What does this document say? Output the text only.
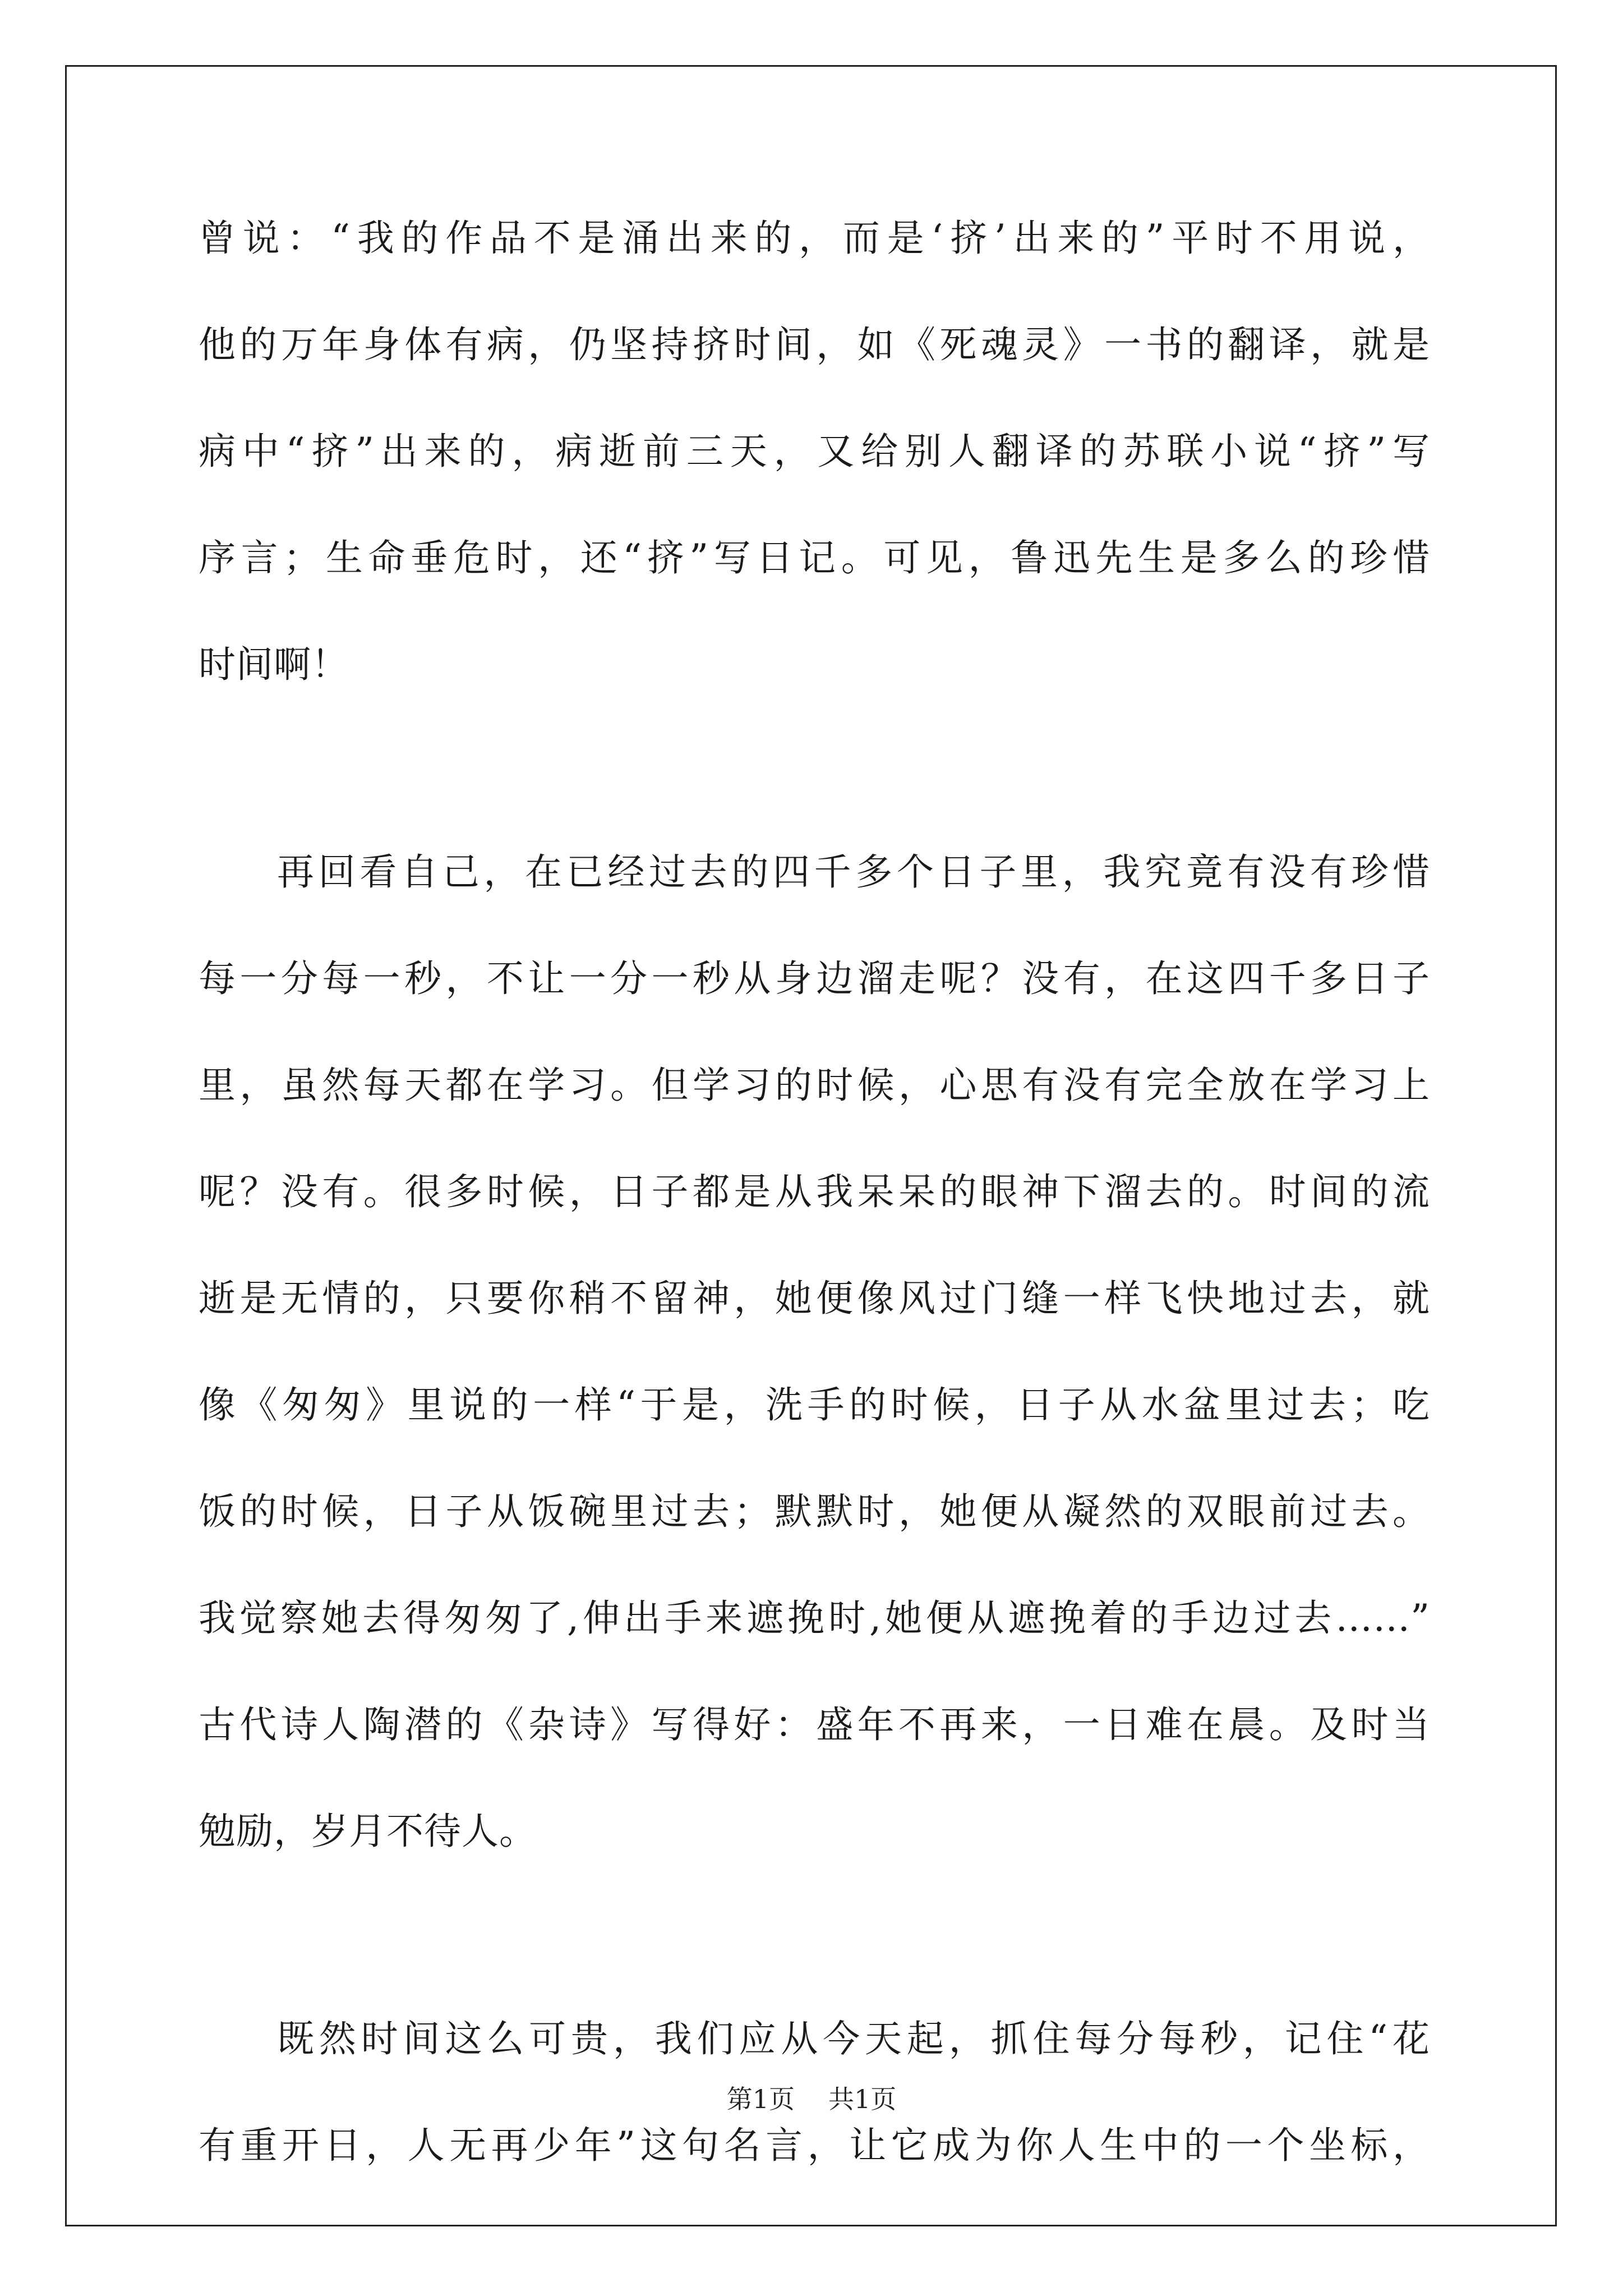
曾说：“我的作品不是涌出来的，而是‘挤’出来的”平时不用说，
他的万年身体有病，仍坚持挤时间，如《死魂灵》一书的翻译，就是
病中“挤”出来的，病逝前三天，又给别人翻译的苏联小说“挤”写
序言；生命垂危时，还“挤”写日记。可见，鲁迅先生是多么的珍惜
时间啊！
再回看自己，在已经过去的四千多个日子里，我究竟有没有珍惜
每一分每一秒，不让一分一秒从身边溜走呢？没有，在这四千多日子
里，虽然每天都在学习。但学习的时候，心思有没有完全放在学习上
呢？没有。很多时候，日子都是从我呆呆的眼神下溜去的。时间的流
逝是无情的，只要你稍不留神，她便像风过门缝一样飞快地过去，就
像《匆匆》里说的一样“于是，洗手的时候，日子从水盆里过去；吃
饭的时候，日子从饭碗里过去；默默时，她便从凝然的双眼前过去。
我觉察她去得匆匆了,伸出手来遮挽时,她便从遮挽着的手边过去……”
古代诗人陶潜的《杂诗》写得好：盛年不再来，一日难在晨。及时当
勉励，岁月不待人。
既然时间这么可贵，我们应从今天起，抓住每分每秒，记住“花
有重开日，人无再少年”这句名言，让它成为你人生中的一个坐标，
第1页 共1页
